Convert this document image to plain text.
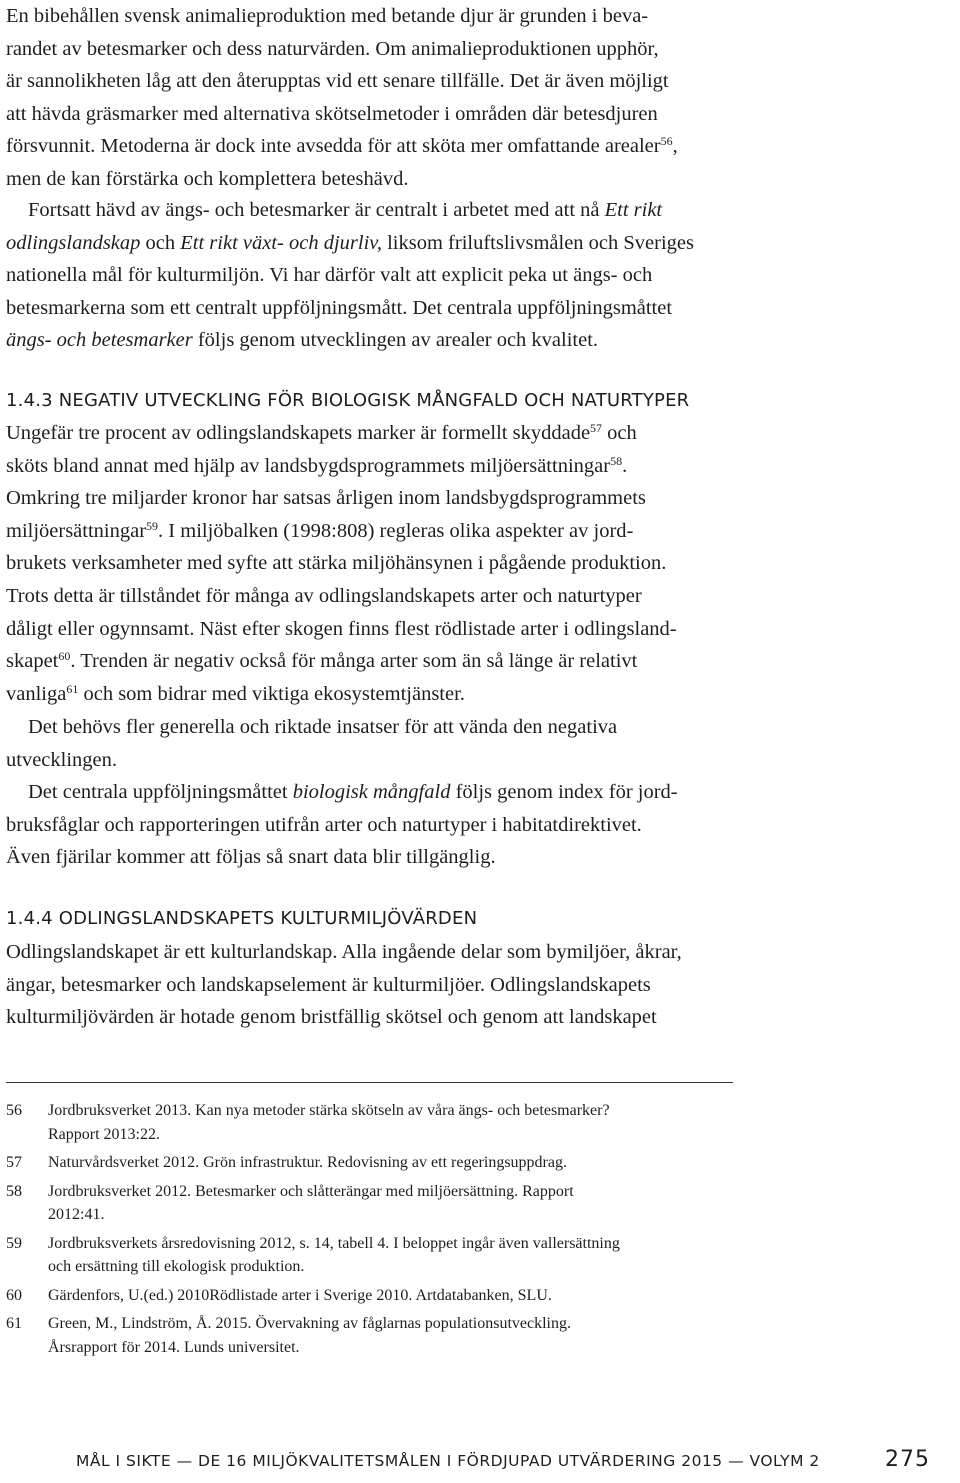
En bibehållen svensk animalieproduktion med betande djur är grunden i beva-

randet av betesmarker och dess naturvärden. Om animalieproduktionen upphör,

är sannolikheten låg att den återupptas vid ett senare tillfälle. Det är även möjligt

att hävda gräsmarker med alternativa skötselmetoder i områden där betesdjuren

försvunnit. Metoderna är dock inte avsedda för att sköta mer omfattande arealer$^{56}$,

men de kan förstärka och komplettera beteshävd.

Fortsatt hävd av ängs- och betesmarker är centralt i arbetet med att nå Ett rikt

odlingslandskap och Ett rikt växt- och djurliv, liksom friluftslivsmålen och Sveriges

nationella mål för kulturmiljön. Vi har därför valt att explicit peka ut ängs- och

betesmarkerna som ett centralt uppföljningsmått. Det centrala uppföljningsmåttet

ängs- och betesmarker följs genom utvecklingen av arealer och kvalitet.

1.4.3 NEGATIV UTVECKLING FÖR BIOLOGISK MÅNGFALD OCH NATURTYPER

Ungefär tre procent av odlingslandskapets marker är formellt skyddade$^{57}$ och

sköts bland annat med hjälp av landsbygdsprogrammets miljöersättningar$^{58}$.

Omkring tre miljarder kronor har satsas årligen inom landsbygdsprogrammets

miljöersättningar$^{59}$. I miljöbalken (1998:808) regleras olika aspekter av jord-

brukets verksamheter med syfte att stärka miljöhänsynen i pågående produktion.

Trots detta är tillståndet för många av odlingslandskapets arter och naturtyper

dåligt eller ogynnsamt. Näst efter skogen finns flest rödlistade arter i odlingsland-

skapet$^{60}$. Trenden är negativ också för många arter som än så länge är relativt

vanliga$^{61}$ och som bidrar med viktiga ekosystemtjänster.

Det behövs fler generella och riktade insatser för att vända den negativa

utvecklingen.

Det centrala uppföljningsmåttet biologisk mångfald följs genom index för jord-

bruksfåglar och rapporteringen utifrån arter och naturtyper i habitatdirektivet.

Även fjärilar kommer att följas så snart data blir tillgänglig.

1.4.4 ODLINGSLANDSKAPETS KULTURMILJÖVÄRDEN

Odlingslandskapet är ett kulturlandskap. Alla ingående delar som bymiljöer, åkrar,

ängar, betesmarker och landskapselement är kulturmiljöer. Odlingslandskapets

kulturmiljövärden är hotade genom bristfällig skötsel och genom att landskapet

56	Jordbruksverket 2013. Kan nya metoder stärka skötseln av våra ängs- och betesmarker?
Rapport 2013:22.
57	Naturvårdsverket 2012. Grön infrastruktur. Redovisning av ett regeringsuppdrag.
58	Jordbruksverket 2012. Betesmarker och slåtterängar med miljöersättning. Rapport
2012:41.
59	Jordbruksverkets årsredovisning 2012, s. 14, tabell 4. I beloppet ingår även vallersättning
och ersättning till ekologisk produktion.
60	Gärdenfors, U.(ed.) 2010Rödlistade arter i Sverige 2010. Artdatabanken, SLU.
61	Green, M., Lindström, Å. 2015. Övervakning av fåglarnas populationsutveckling.
Årsrapport för 2014. Lunds universitet.
MÅL I SIKTE — DE 16 MILJÖKVALITETSMÅLEN I FÖRDJUPAD UTVÄRDERING 2015 — VOLYM 2	275
